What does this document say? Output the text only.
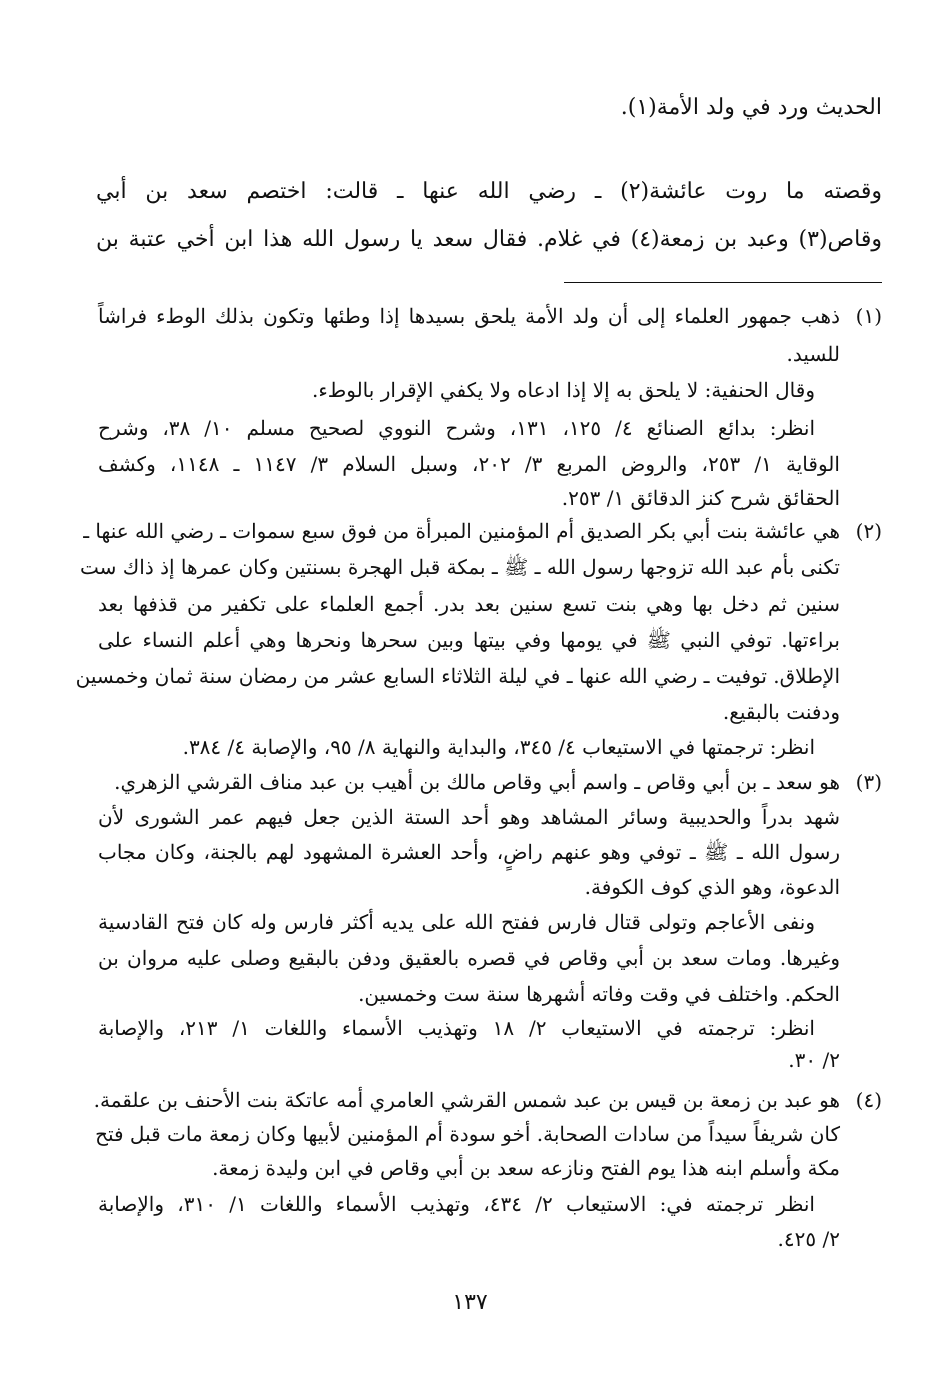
الحديث ورد في ولد الأمة(١).
وقصته ما روت عائشة(٢) ـ رضي الله عنها ـ قالت: اختصم سعد بن أبي
وقاص(٣) وعبد بن زمعة(٤) في غلام. فقال سعد يا رسول الله هذا ابن أخي عتبة بن
(١)
ذهب جمهور العلماء إلى أن ولد الأمة يلحق بسيدها إذا وطئها وتكون بذلك الوطء فراشاً
للسيد.
وقال الحنفية: لا يلحق به إلا إذا ادعاه ولا يكفي الإقرار بالوطء.
انظر: بدائع الصنائع ٤/ ١٢٥، ١٣١، وشرح النووي لصحيح مسلم ١٠/ ٣٨، وشرح
الوقاية ١/ ٢٥٣، والروض المربع ٣/ ٢٠٢، وسبل السلام ٣/ ١١٤٧ ـ ١١٤٨، وكشف
الحقائق شرح كنز الدقائق ١/ ٢٥٣.
(٢)
هي عائشة بنت أبي بكر الصديق أم المؤمنين المبرأة من فوق سبع سموات ـ رضي الله عنها ـ
تكنى بأم عبد الله تزوجها رسول الله ـ ﷺ ـ بمكة قبل الهجرة بسنتين وكان عمرها إذ ذاك ست
سنين ثم دخل بها وهي بنت تسع سنين بعد بدر. أجمع العلماء على تكفير من قذفها بعد
براءتها. توفي النبي ﷺ في يومها وفي بيتها وبين سحرها ونحرها وهي أعلم النساء على
الإطلاق. توفيت ـ رضي الله عنها ـ في ليلة الثلاثاء السابع عشر من رمضان سنة ثمان وخمسين
ودفنت بالبقيع.
انظر: ترجمتها في الاستيعاب ٤/ ٣٤٥، والبداية والنهاية ٨/ ٩٥، والإصابة ٤/ ٣٨٤.
(٣)
هو سعد ـ بن أبي وقاص ـ واسم أبي وقاص مالك بن أهيب بن عبد مناف القرشي الزهري.
شهد بدراً والحديبية وسائر المشاهد وهو أحد الستة الذين جعل فيهم عمر الشورى لأن
رسول الله ـ ﷺ ـ توفي وهو عنهم راضٍ، وأحد العشرة المشهود لهم بالجنة، وكان مجاب
الدعوة، وهو الذي كوف الكوفة.
ونفى الأعاجم وتولى قتال فارس ففتح الله على يديه أكثر فارس وله كان فتح القادسية
وغيرها. ومات سعد بن أبي وقاص في قصره بالعقيق ودفن بالبقيع وصلى عليه مروان بن
الحكم. واختلف في وقت وفاته أشهرها سنة ست وخمسين.
انظر: ترجمته في الاستيعاب ٢/ ١٨ وتهذيب الأسماء واللغات ١/ ٢١٣، والإصابة
٢/ ٣٠.
(٤)
هو عبد بن زمعة بن قيس بن عبد شمس القرشي العامري أمه عاتكة بنت الأحنف بن علقمة.
كان شريفاً سيداً من سادات الصحابة. أخو سودة أم المؤمنين لأبيها وكان زمعة مات قبل فتح
مكة وأسلم ابنه هذا يوم الفتح ونازعه سعد بن أبي وقاص في ابن وليدة زمعة.
انظر ترجمته في: الاستيعاب ٢/ ٤٣٤، وتهذيب الأسماء واللغات ١/ ٣١٠، والإصابة
٢/ ٤٢٥.
١٣٧
